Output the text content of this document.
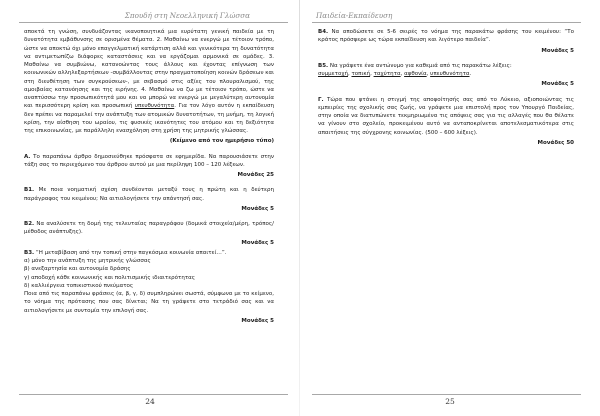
Σπουδή στη Νεοελληνική Γλώσσα

αποκτά τη γνώση, συνδυάζοντας ικανοποιητικά μια ευρύτατη γενική παιδεία με τη δυνατότητα εμβάθυνσης σε ορισμένα θέματα. 2. Μαθαίνω να ενεργώ με τέτοιον τρόπο, ώστε να αποκτώ όχι μόνο επαγγελματική κατάρτιση αλλά και γενικότερα τη δυνατότητα να αντιμετωπίζω διάφορες καταστάσεις και να εργάζομαι αρμονικά σε ομάδες. 3. Μαθαίνω να συμβιώνω, κατανοώντας τους άλλους και έχοντας επίγνωση των κοινωνικών αλληλεξαρτήσεων -συμβάλλοντας στην πραγματοποίηση κοινών δράσεων και στη διευθέτηση των συγκρούσεων-, με σεβασμό στις αξίες του πλουραλισμού, της αμοιβαίας κατανόησης και της ειρήνης. 4. Μαθαίνω να ζω με τέτοιον τρόπο, ώστε να αναπτύσσω την προσωπικότητά μου και να μπορώ να ενεργώ με μεγαλύτερη αυτονομία και περισσότερη κρίση και προσωπική υπευθυνότητα. Για τον λόγο αυτόν η εκπαίδευση δεν πρέπει να παραμελεί την ανάπτυξη των ατομικών δυνατοτήτων, τη μνήμη, τη λογική κρίση, την αίσθηση του ωραίου, τις φυσικές ικανότητες του ατόμου και τη δεξιότητα της επικοινωνίας, με παράλληλη ενασχόληση στη χρήση της μητρικής γλώσσας.

(Κείμενο από τον ημερήσιο τύπο)

Α. Το παραπάνω άρθρο δημοσιεύθηκε πρόσφατα σε εφημερίδα. Να παρουσιάσετε στην τάξη σας το περιεχόμενο του άρθρου αυτού με μια περίληψη 100 – 120 λέξεων.

Μονάδες 25

Β1. Με ποια νοηματική σχέση συνδέονται μεταξύ τους η πρώτη και η δεύτερη παράγραφος του κειμένου; Να αιτιολογήσετε την απάντησή σας.

Μονάδες 5

Β2. Να αναλύσετε τη δομή της τελευταίας παραγράφου (δομικά στοιχεία/μέρη, τρόπος/μέθοδος ανάπτυξης).

Μονάδες 5

Β3. “Η μεταβίβαση από την τοπική στην παγκόσμια κοινωνία απαιτεί…”.

α) μόνο την ανάπτυξη της μητρικής γλώσσας
β) ανεξαρτησία και αυτονομία δράσης
γ) αποδοχή κάθε κοινωνικής και πολιτισμικής ιδιαιτερότητας
δ) καλλιέργεια τοπικιστικού πνεύματος

Ποια από τις παραπάνω φράσεις (α, β, γ, δ) συμπληρώνει σωστά, σύμφωνα με το κείμενο, το νόημα της πρότασης που σας δίνεται; Να τη γράψετε στο τετράδιό σας και να αιτιολογήσετε με συντομία την επιλογή σας.

Μονάδες 5

24
Παιδεία-Εκπαίδευση

Β4. Να αποδώσετε σε 5-6 σειρές το νόημα της παρακάτω φράσης του κειμένου: “Το κράτος πρόσφερε ως τώρα εκπαίδευση και λιγότερο παιδεία”.

Μονάδες 5

Β5. Να γράψετε ένα αντώνυμο για καθεμιά από τις παρακάτω λέξεις:

συμμετοχή, τοπική, ταχύτητα, αφθονία, υπευθυνότητα.

Μονάδες 5

Γ. Τώρα που φτάνει η στιγμή της αποφοίτησής σας από το Λύκειο, αξιοποιώντας τις εμπειρίες της σχολικής σας ζωής, να γράψετε μια επιστολή προς τον Υπουργό Παιδείας, στην οποία να διατυπώνετε τεκμηριωμένα τις απόψεις σας για τις αλλαγές που θα θέλατε να γίνουν στο σχολείο, προκειμένου αυτό να ανταποκρίνεται αποτελεσματικότερα στις απαιτήσεις της σύγχρονης κοινωνίας. (500 – 600 λέξεις).

Μονάδες 50

25
